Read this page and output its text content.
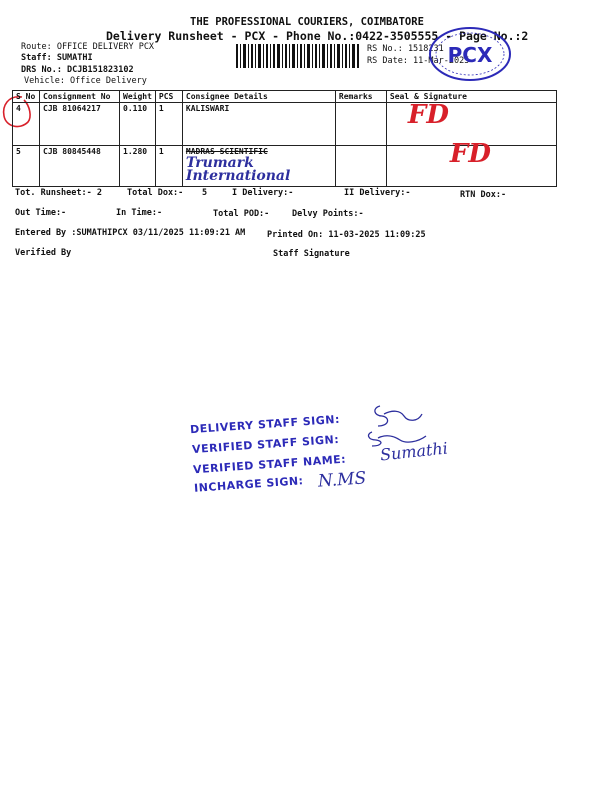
THE PROFESSIONAL COURIERS, COIMBATORE
Delivery Runsheet - PCX - Phone No.:0422-3505555 - Page No.:2
Route: OFFICE DELIVERY PCX
Staff: SUMATHI
DRS No.: DCJB151823102
Vehicle: Office Delivery
RS No.: 1518231
RS Date: 11-Mar-2025
PCX
S No	Consignment No	Weight	PCS	Consignee Details	Remarks	Seal & Signature
4	CJB 81064217	0.110	1	KALISWARI		FD

5	CJB 80845448	1.280	1	MADRAS SCIENTIFIC
Trumark International		FD
Tot. Runsheet:- 2	Total Dox:- 5	I Delivery:-	II Delivery:-	RTN Dox:-
Out Time:-	In Time:-	Total POD:-	Delvy Points:-
Entered By :SUMATHIPCX 03/11/2025 11:09:21 AM	Printed On: 11-03-2025 11:09:25
Verified By	Staff Signature
DELIVERY STAFF SIGN:
VERIFIED STAFF SIGN:
VERIFIED STAFF NAME:
INCHARGE SIGN:
Sumathi
N.MS
